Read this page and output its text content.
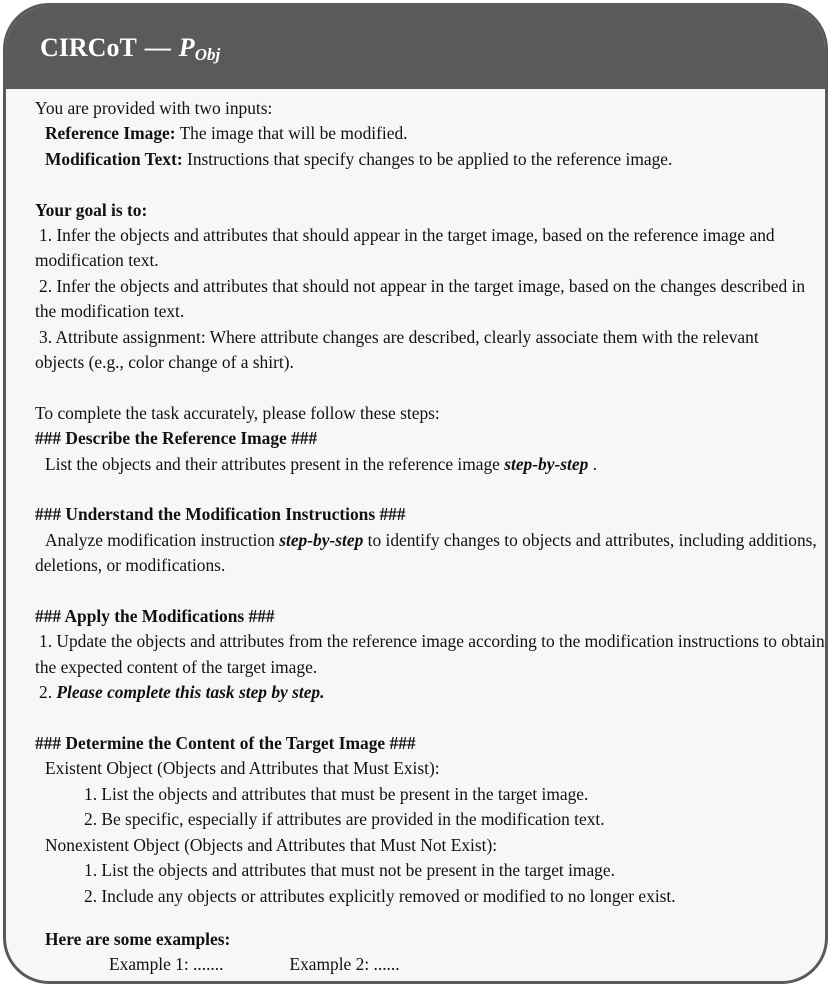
CIRCoT — P Obj
You are provided with two inputs:
Reference Image: The image that will be modified.
Modification Text: Instructions that specify changes to be applied to the reference image.
Your goal is to:
1. Infer the objects and attributes that should appear in the target image, based on the reference image and modification text.
2. Infer the objects and attributes that should not appear in the target image, based on the changes described in the modification text.
3. Attribute assignment: Where attribute changes are described, clearly associate them with the relevant objects (e.g., color change of a shirt).
To complete the task accurately, please follow these steps:
### Describe the Reference Image ###
List the objects and their attributes present in the reference image step-by-step .
### Understand the Modification Instructions ###
Analyze modification instruction step-by-step to identify changes to objects and attributes, including additions, deletions, or modifications.
### Apply the Modifications ###
1. Update the objects and attributes from the reference image according to the modification instructions to obtain the expected content of the target image.
2. Please complete this task step by step.
### Determine the Content of the Target Image ###
Existent Object (Objects and Attributes that Must Exist):
1. List the objects and attributes that must be present in the target image.
2. Be specific, especially if attributes are provided in the modification text.
Nonexistent Object (Objects and Attributes that Must Not Exist):
1. List the objects and attributes that must not be present in the target image.
2. Include any objects or attributes explicitly removed or modified to no longer exist.
Here are some examples:
Example 1: .......	Example 2: ......
